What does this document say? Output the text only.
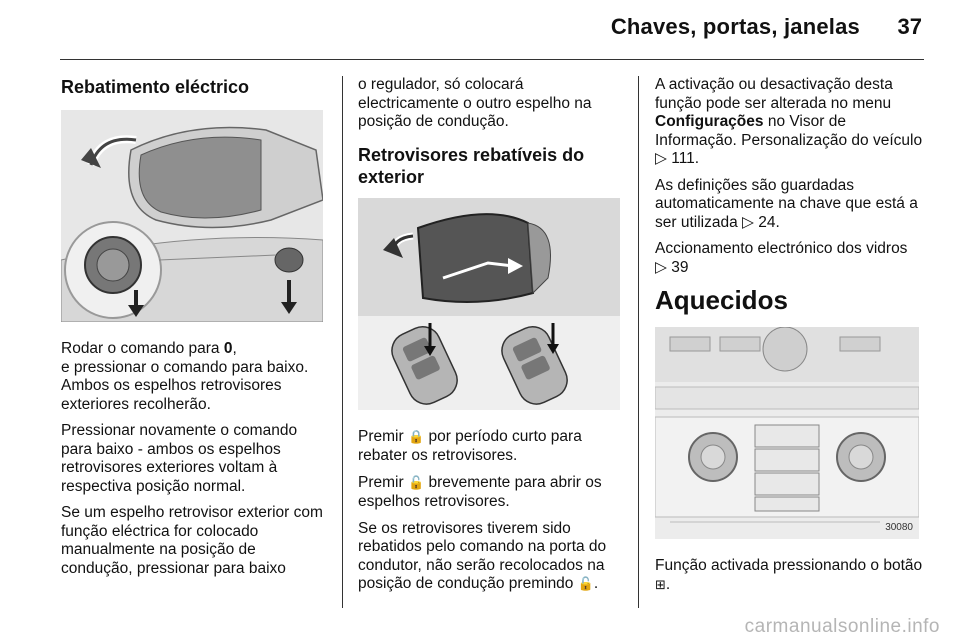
Chaves, portas, janelas 37
Rebatimento eléctrico

Rodar o comando para 0,
e pressionar o comando para baixo. Ambos os espelhos retrovisores exteriores recolherão.

Pressionar novamente o comando para baixo - ambos os espelhos retrovisores exteriores voltam à respectiva posição normal.

Se um espelho retrovisor exterior com função eléctrica for colocado manualmente na posição de condução, pressionar para baixo

o regulador, só colocará electricamente o outro espelho na posição de condução.

Retrovisores rebatíveis do exterior

Premir 🔒 por período curto para rebater os retrovisores.

Premir 🔓 brevemente para abrir os espelhos retrovisores.

Se os retrovisores tiverem sido rebatidos pelo comando na porta do condutor, não serão recolocados na posição de condução premindo 🔓.

A activação ou desactivação desta função pode ser alterada no menu Configurações no Visor de Informação. Personalização do veículo ▷ 111.

As definições são guardadas automaticamente na chave que está a ser utilizada ▷ 24.

Accionamento electrónico dos vidros ▷ 39

Aquecidos
30080

Função activada pressionando o botão ⊞.

carmanualsonline.info
